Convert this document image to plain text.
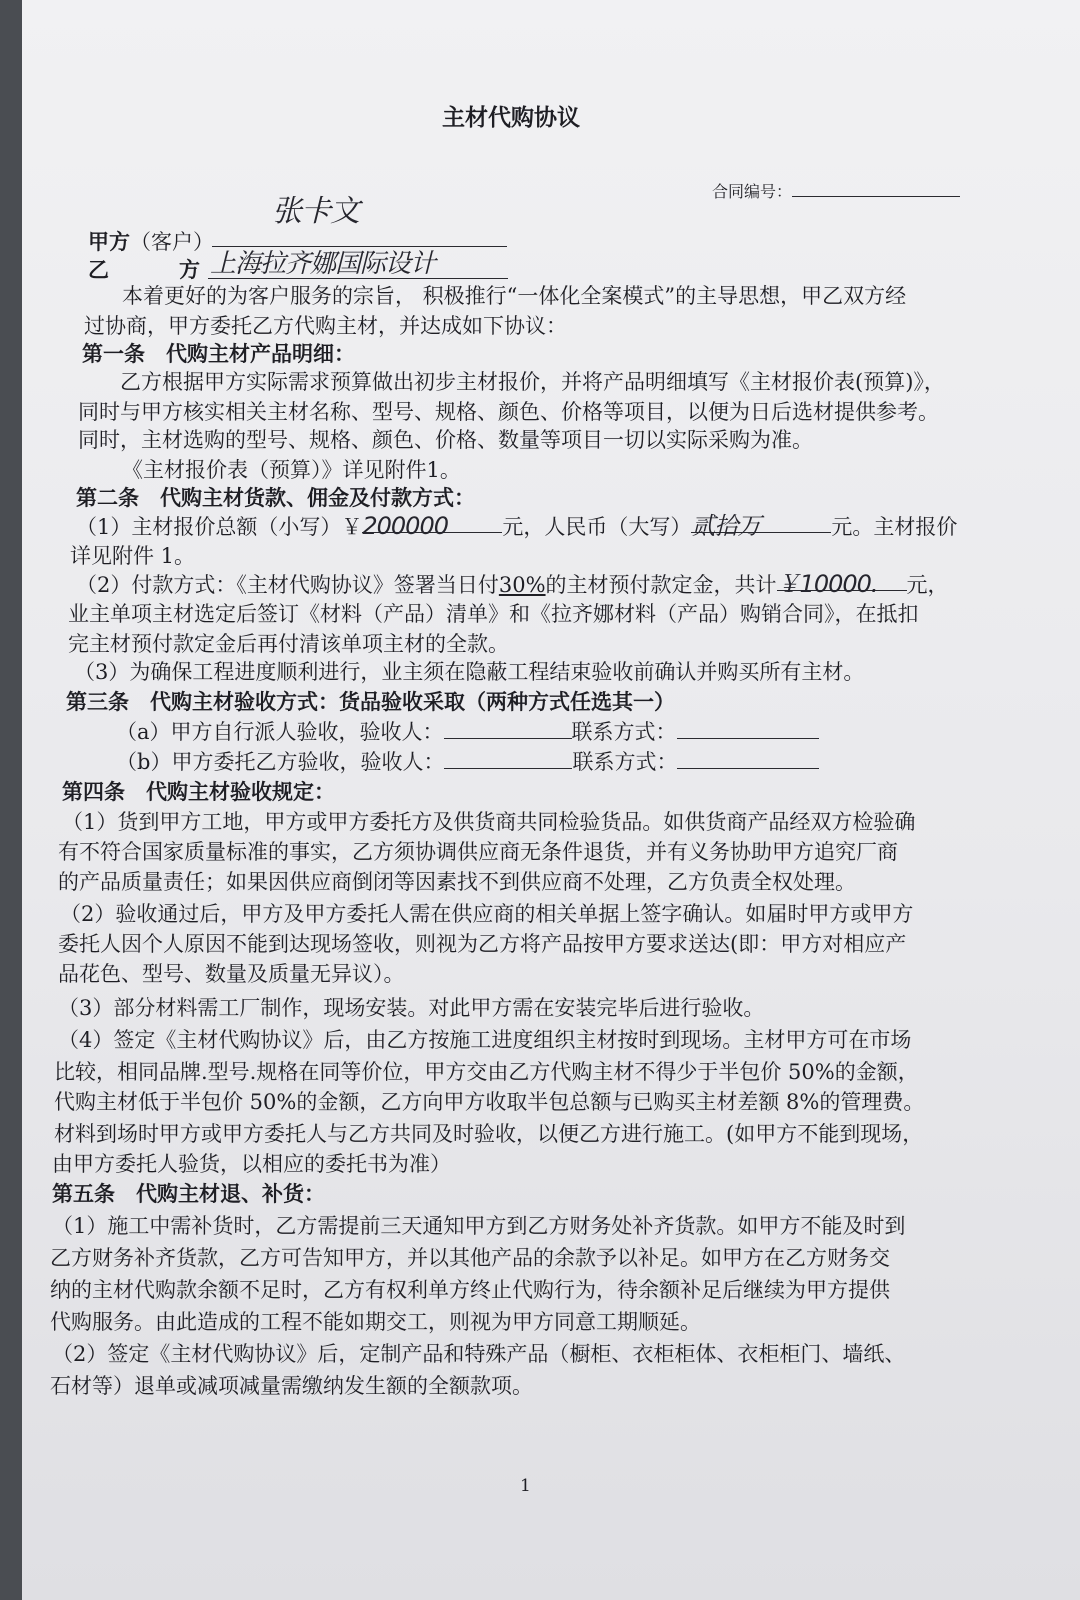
主材代购协议
合同编号：
甲方（客户）
张卡文
乙	方 上海拉齐娜国际设计
本着更好的为客户服务的宗旨， 积极推行“一体化全案模式”的主导思想，甲乙双方经
过协商，甲方委托乙方代购主材，并达成如下协议：
第一条　代购主材产品明细：
乙方根据甲方实际需求预算做出初步主材报价，并将产品明细填写《主材报价表(预算)》，
同时与甲方核实相关主材名称、型号、规格、颜色、价格等项目，以便为日后选材提供参考。
同时，主材选购的型号、规格、颜色、价格、数量等项目一切以实际采购为准。
《主材报价表（预算）》详见附件1。
第二条　代购主材货款、佣金及付款方式：
（1）主材报价总额（小写）￥200000	元，人民币（大写）贰拾万	元。主材报价
详见附件 1。
（2）付款方式：《主材代购协议》签署当日付30%的主材预付款定金，共计￥10000. 元，
业主单项主材选定后签订《材料（产品）清单》和《拉齐娜材料（产品）购销合同》，在抵扣
完主材预付款定金后再付清该单项主材的全款。
（3）为确保工程进度顺利进行，业主须在隐蔽工程结束验收前确认并购买所有主材。
第三条　代购主材验收方式：货品验收采取（两种方式任选其一）
（a）甲方自行派人验收，验收人：	联系方式：
（b）甲方委托乙方验收，验收人：	联系方式：
第四条　代购主材验收规定：
（1）货到甲方工地，甲方或甲方委托方及供货商共同检验货品。如供货商产品经双方检验确
有不符合国家质量标准的事实，乙方须协调供应商无条件退货，并有义务协助甲方追究厂商
的产品质量责任；如果因供应商倒闭等因素找不到供应商不处理，乙方负责全权处理。
（2）验收通过后，甲方及甲方委托人需在供应商的相关单据上签字确认。如届时甲方或甲方
委托人因个人原因不能到达现场签收，则视为乙方将产品按甲方要求送达(即：甲方对相应产
品花色、型号、数量及质量无异议）。
（3）部分材料需工厂制作，现场安装。对此甲方需在安装完毕后进行验收。
（4）签定《主材代购协议》后，由乙方按施工进度组织主材按时到现场。主材甲方可在市场
比较，相同品牌.型号.规格在同等价位，甲方交由乙方代购主材不得少于半包价 50%的金额，
代购主材低于半包价 50%的金额，乙方向甲方收取半包总额与已购买主材差额 8%的管理费。
材料到场时甲方或甲方委托人与乙方共同及时验收，以便乙方进行施工。(如甲方不能到现场，
由甲方委托人验货，以相应的委托书为准）
第五条　代购主材退、补货：
（1）施工中需补货时，乙方需提前三天通知甲方到乙方财务处补齐货款。如甲方不能及时到
乙方财务补齐货款，乙方可告知甲方，并以其他产品的余款予以补足。如甲方在乙方财务交
纳的主材代购款余额不足时，乙方有权利单方终止代购行为，待余额补足后继续为甲方提供
代购服务。由此造成的工程不能如期交工，则视为甲方同意工期顺延。
（2）签定《主材代购协议》后，定制产品和特殊产品（橱柜、衣柜柜体、衣柜柜门、墙纸、
石材等）退单或减项减量需缴纳发生额的全额款项。
1
